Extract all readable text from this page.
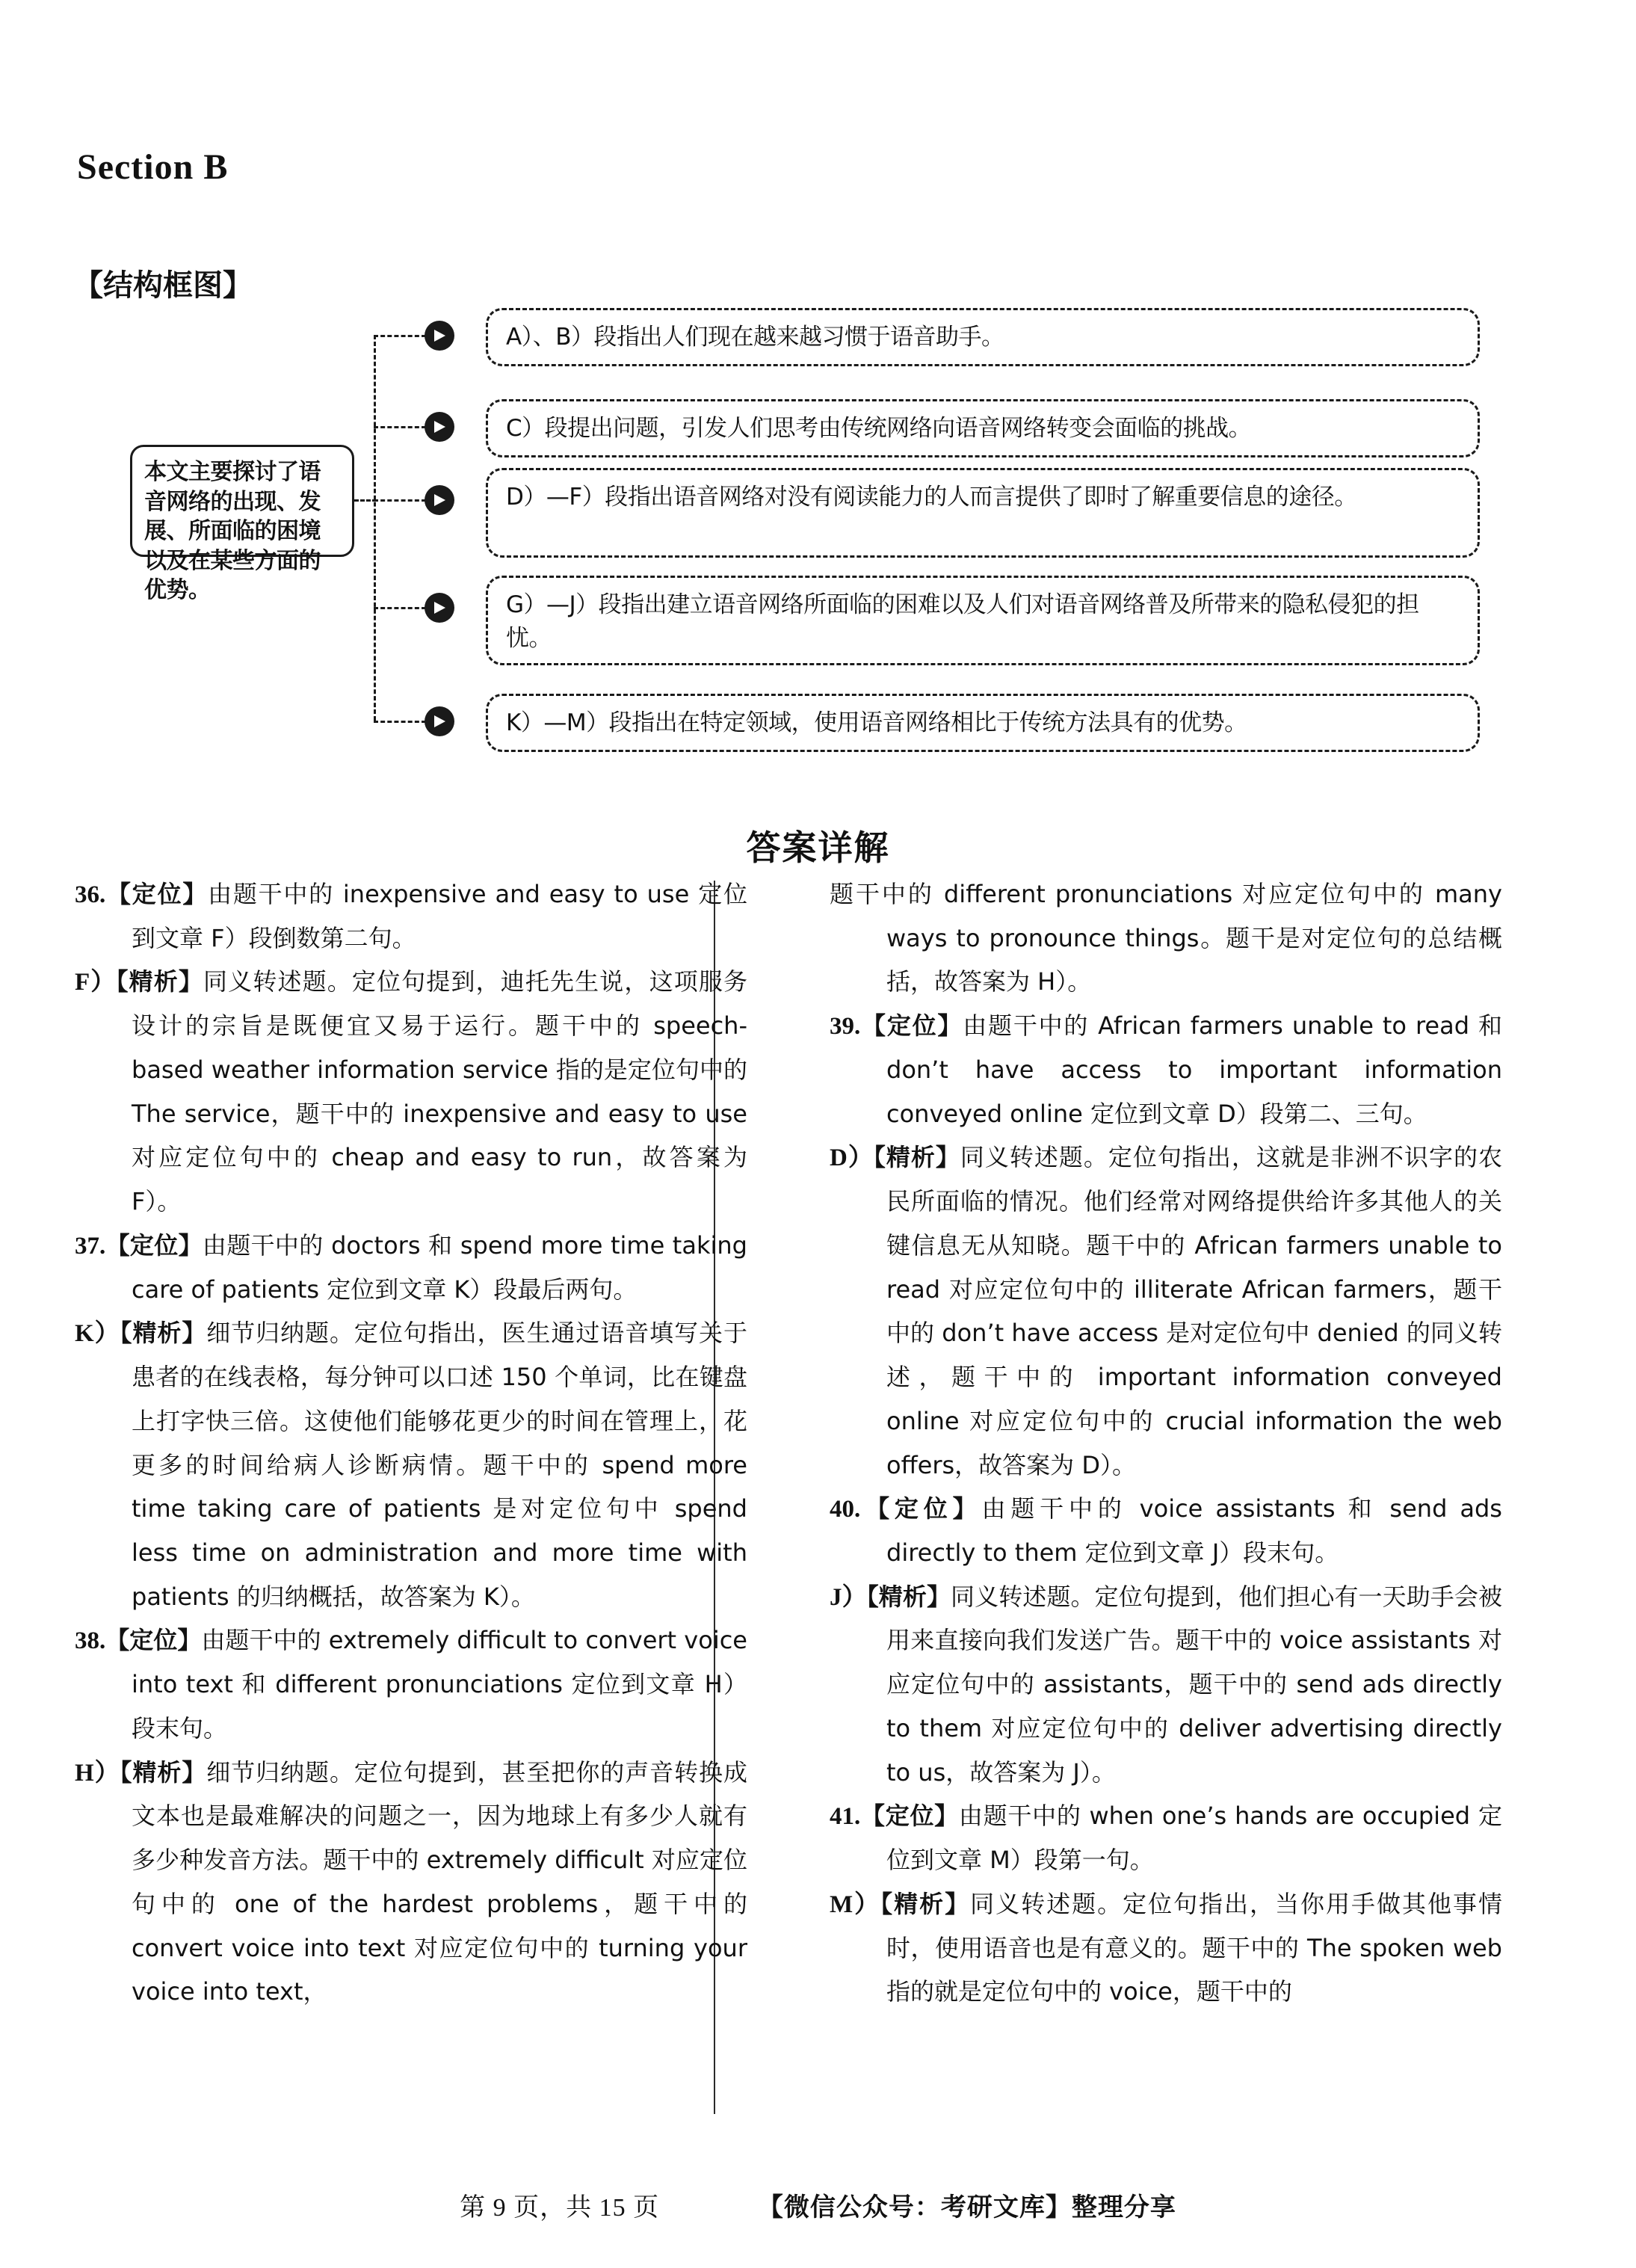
Section B
【结构框图】
本文主要探讨了语音网络的出现、发展、所面临的困境以及在某些方面的优势。
A）、B）段指出人们现在越来越习惯于语音助手。
C）段提出问题，引发人们思考由传统网络向语音网络转变会面临的挑战。
D）—F）段指出语音网络对没有阅读能力的人而言提供了即时了解重要信息的途径。
G）—J）段指出建立语音网络所面临的困难以及人们对语音网络普及所带来的隐私侵犯的担忧。
K）—M）段指出在特定领域，使用语音网络相比于传统方法具有的优势。
答案详解

36.【定位】由题干中的 inexpensive and easy to use 定位到文章 F）段倒数第二句。

F）【精析】同义转述题。定位句提到，迪托先生说，这项服务设计的宗旨是既便宜又易于运行。题干中的 speech-based weather information service 指的是定位句中的 The service，题干中的 inexpensive and easy to use 对应定位句中的 cheap and easy to run，故答案为 F）。

37.【定位】由题干中的 doctors 和 spend more time taking care of patients 定位到文章 K）段最后两句。

K）【精析】细节归纳题。定位句指出，医生通过语音填写关于患者的在线表格，每分钟可以口述 150 个单词，比在键盘上打字快三倍。这使他们能够花更少的时间在管理上，花更多的时间给病人诊断病情。题干中的 spend more time taking care of patients 是对定位句中 spend less time on administration and more time with patients 的归纳概括，故答案为 K）。

38.【定位】由题干中的 extremely difficult to convert voice into text 和 different pronunciations 定位到文章 H）段末句。

H）【精析】细节归纳题。定位句提到，甚至把你的声音转换成文本也是最难解决的问题之一，因为地球上有多少人就有多少种发音方法。题干中的 extremely difficult 对应定位句中的 one of the hardest problems，题干中的 convert voice into text 对应定位句中的 turning your voice into text，

题干中的 different pronunciations 对应定位句中的 many ways to pronounce things。题干是对定位句的总结概括，故答案为 H）。

39.【定位】由题干中的 African farmers unable to read 和 don’t have access to important information conveyed online 定位到文章 D）段第二、三句。

D）【精析】同义转述题。定位句指出，这就是非洲不识字的农民所面临的情况。他们经常对网络提供给许多其他人的关键信息无从知晓。题干中的 African farmers unable to read 对应定位句中的 illiterate African farmers，题干中的 don’t have access 是对定位句中 denied 的同义转述，题干中的 important information conveyed online 对应定位句中的 crucial information the web offers，故答案为 D）。

40.【定位】由题干中的 voice assistants 和 send ads directly to them 定位到文章 J）段末句。

J）【精析】同义转述题。定位句提到，他们担心有一天助手会被用来直接向我们发送广告。题干中的 voice assistants 对应定位句中的 assistants，题干中的 send ads directly to them 对应定位句中的 deliver advertising directly to us，故答案为 J）。

41.【定位】由题干中的 when one’s hands are occupied 定位到文章 M）段第一句。

M）【精析】同义转述题。定位句指出，当你用手做其他事情时，使用语音也是有意义的。题干中的 The spoken web 指的就是定位句中的 voice，题干中的

第 9 页，共 15 页	【微信公众号：考研文库】整理分享
